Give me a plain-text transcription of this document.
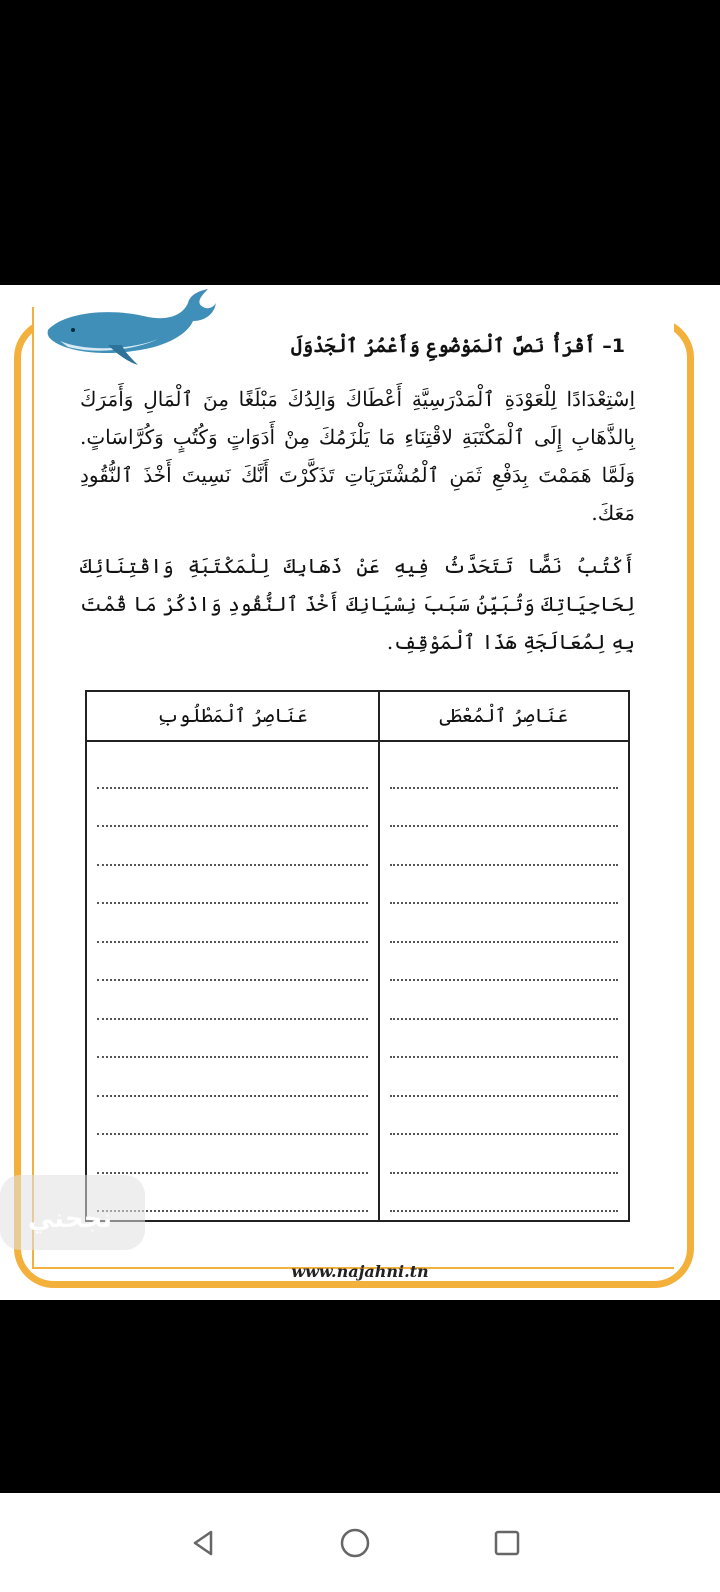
1– أَقْرَأُ نَصَّ ٱلْمَوْضُوعِ وَأَعْمُرُ ٱلْجَدْوَلَ
اِسْتِعْدَادًا لِلْعَوْدَةِ ٱلْمَدْرَسِيَّةِ أَعْطَاكَ وَالِدُكَ مَبْلَغًا مِنَ ٱلْمَالِ وَأَمَرَكَ بِالذَّهَابِ إِلَى ٱلْمَكْتَبَةِ لاقْتِنَاءِ مَا يَلْزَمُكَ مِنْ أَدَوَاتٍ وَكُتُبٍ وَكُرَّاسَاتٍ. وَلَمَّا هَمَمْتَ بِدَفْعِ ثَمَنِ ٱلْمُشْتَرَيَاتِ تَذَكَّرْتَ أَنَّكَ نَسِيتَ أَخْذَ ٱلنُّقُودِ مَعَكَ.
أَكْتُبُ نَصًّا تَتَحَدَّثُ فِيهِ عَنْ ذَهَابِكَ لِلْمَكْتَبَةِ وَاقْتِنَائِكَ لِحَاجِيَاتِكَ وَتُبَيِّنُ سَبَبَ نِسْيَانِكَ أَخْذَ ٱلنُّقُودِ وَاذْكُرْ مَا قُمْتَ بِهِ لِمُعَالَجَةِ هَذَا ٱلْمَوْقِفِ.
عَنَاصِرُ ٱلْمُعْطَى	عَنَاصِرُ ٱلْمَطْلُوبِ

نجحني
www.najahni.tn
